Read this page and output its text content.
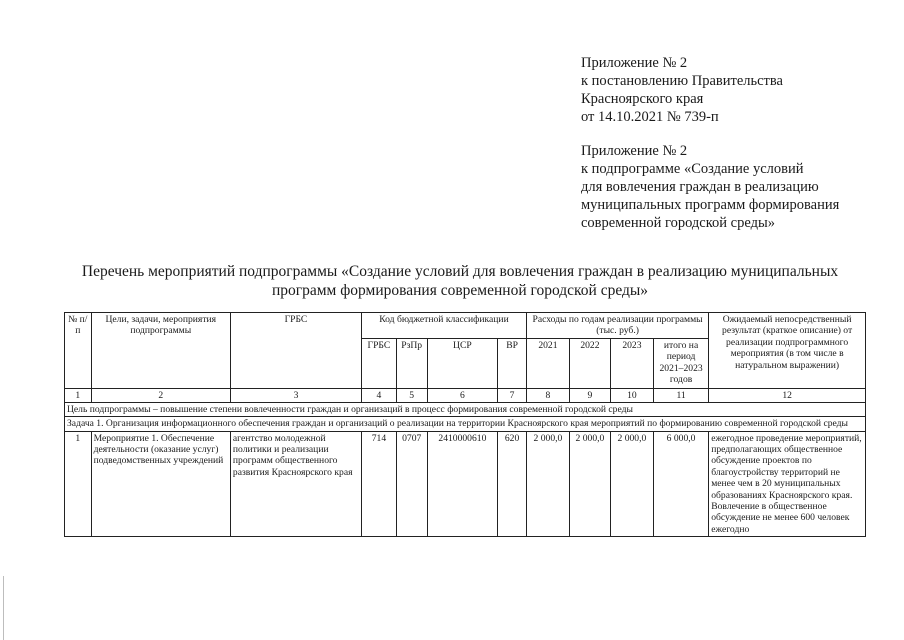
Приложение № 2
к постановлению Правительства
Красноярского края
от 14.10.2021 № 739-п
Приложение № 2
к подпрограмме «Создание условий
для вовлечения граждан в реализацию
муниципальных программ формирования
современной городской среды»
Перечень мероприятий подпрограммы «Создание условий для вовлечения граждан в реализацию муниципальных
программ формирования современной городской среды»
№ п/п	Цели, задачи, мероприятия подпрограммы	ГРБС	Код бюджетной классификации				Расходы по годам реализации программы (тыс. руб.)				Ожидаемый непосредственный результат (краткое описание) от реализации подпрограммного мероприятия (в том числе в натуральном выражении)
			ГРБС	РзПр	ЦСР	ВР	2021	2022	2023	итого на период 2021–2023 годов	
1	2	3	4	5	6	7	8	9	10	11	12
Цель подпрограммы – повышение степени вовлеченности граждан и организаций в процесс формирования современной городской среды											
Задача 1. Организация информационного обеспечения граждан и организаций о реализации на территории Красноярского края мероприятий по формированию современной городской среды											
1	Мероприятие 1. Обеспечение деятельности (оказание услуг) подведомственных учреждений	агентство молодежной политики и реализации программ общественного развития Красноярского края	714	0707	2410000610	620	2 000,0	2 000,0	2 000,0	6 000,0	ежегодное проведение мероприятий, предполагающих общественное обсуждение проектов по благоустройству территорий не менее чем в 20 муниципальных образованиях Красноярского края. Вовлечение в общественное обсуждение не менее 600 человек ежегодно
